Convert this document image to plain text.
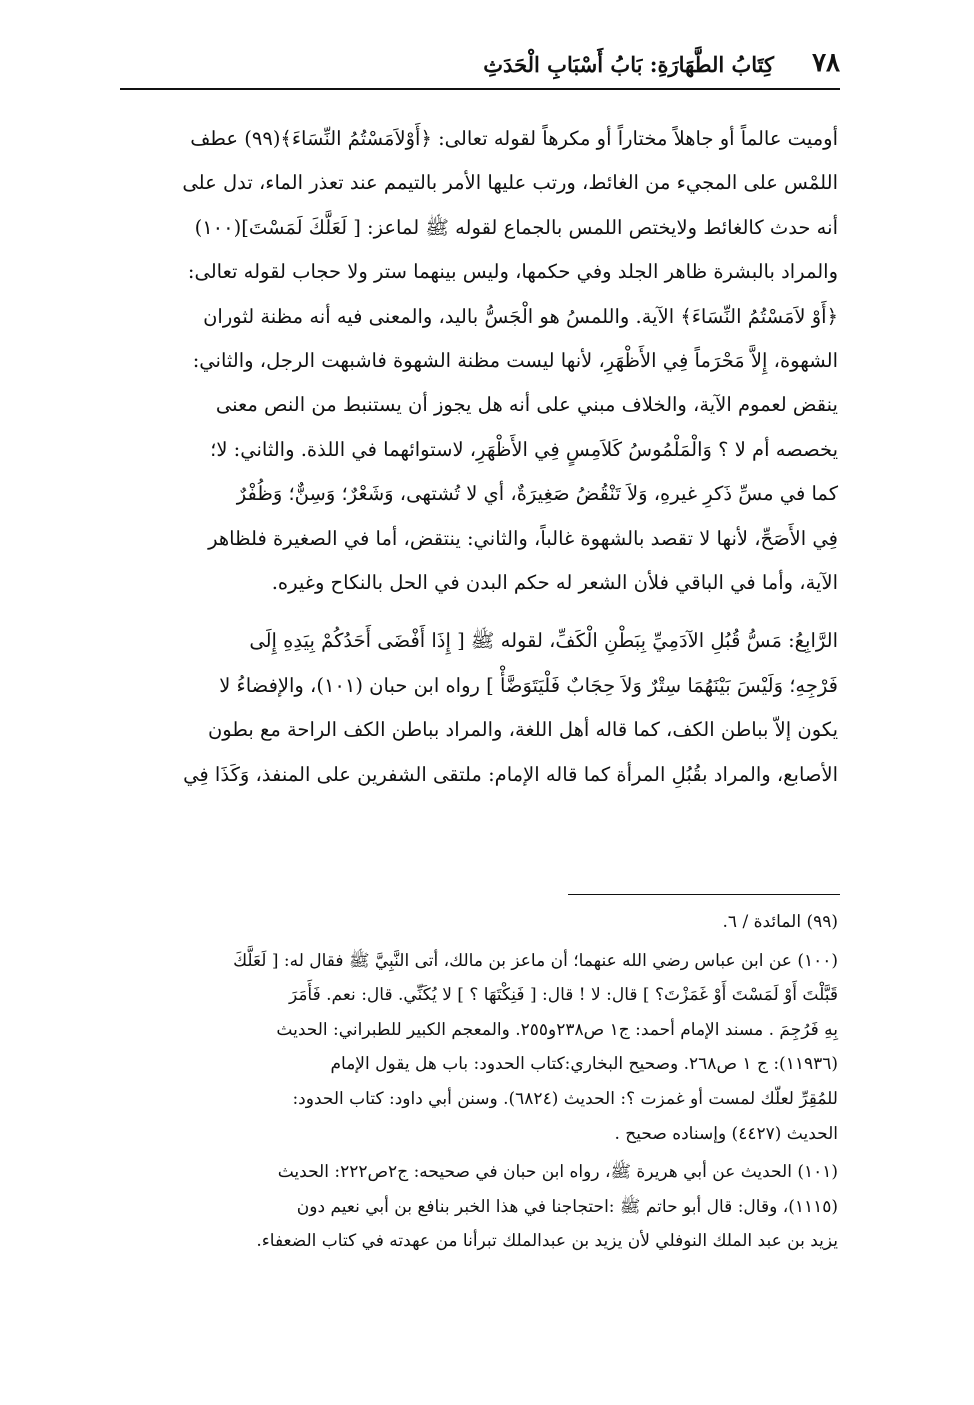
٧٨
كِتَابُ الطَّهَارَةِ: بَابُ أَسْبَابِ الْحَدَثِ

أوميت عالماً أو جاهلاً مختاراً أو مكرهاً لقوله تعالى: ﴿أَوْلاَمَسْتُمُ النِّسَاءَ﴾(٩٩) عطف

اللمْس على المجيء من الغائط، ورتب عليها الأمر بالتيمم عند تعذر الماء، تدل على

أنه حدث كالغائط ولايختص اللمس بالجماع لقوله ﷺ لماعز: [ لَعَلَّكَ لَمَسْتَ](١٠٠)

والمراد بالبشرة ظاهر الجلد وفي حكمها، وليس بينهما ستر ولا حجاب لقوله تعالى:

﴿أَوْ لاَمَسْتُمُ النِّسَاءَ﴾ الآية. واللمسُ هو الْجَسُّ باليد، والمعنى فيه أنه مظنة لثوران

الشهوة، إِلاَّ مَحْرَماً فِي الأَظْهَرِ، لأنها ليست مظنة الشهوة فاشبهت الرجل، والثاني:

ينقض لعموم الآية، والخلاف مبني على أنه هل يجوز أن يستنبط من النص معنى

يخصصه أم لا ؟ وَالْمَلْمُوسُ كَلاَمِسٍ فِي الأَظْهَرِ، لاستوائهما في اللذة. والثاني: لا؛

كما في مسِّ ذَكرِ غيرهِ، وَلاَ تَنْقُضُ صَغِيرَةٌ، أي لا تُشتهى، وَشَعْرٌ؛ وَسِنٌّ؛ وَظُفْرٌ

فِي الأَصَحِّ، لأنها لا تقصد بالشهوة غالباً، والثاني: ينتقض، أما في الصغيرة فلظاهر

الآية، وأما في الباقي فلأن الشعر له حكم البدن في الحل بالنكاح وغيره.

الرَّابِعُ: مَسُّ قُبُلِ الآدَمِيِّ بِبَطْنِ الْكَفِّ، لقوله ﷺ [ إِذَا أَفْضَى أَحَدُكُمْ بِيَدِهِ إِلَى

فَرْجِهِ؛ وَلَيْسَ بَيْنَهُمَا سِتْرٌ وَلاَ حِجَابٌ فَلْيَتَوَضَّأْ ] رواه ابن حبان (١٠١)، والإفضاءُ لا

يكون إلاّ بباطن الكف، كما قاله أهل اللغة، والمراد بباطن الكف الراحة مع بطون

الأصابع، والمراد بقُبُلِ المرأة كما قاله الإمام: ملتقى الشفرين على المنفذ، وَكَذَا فِي

(٩٩) المائدة / ٦.

(١٠٠) عن ابن عباس رضي الله عنهما؛ أن ماعز بن مالك، أتى النَّبِيَّ ﷺ فقال له: [ لَعَلَّكَ

قَبَّلْتَ أَوْ لَمَسْتَ أَوْ غَمَزْتَ؟ ] قال: لا ! قال: [ فَنِكْتَهَا ؟ ] لا يُكَنِّي. قال: نعم. فَأَمَرَ

بِهِ فَرُجِمَ . مسند الإمام أحمد: ج١ ص٢٣٨و٢٥٥. والمعجم الكبير للطبراني: الحديث

(١١٩٣٦): ج ١ ص٢٦٨. وصحيح البخاري:كتاب الحدود: باب هل يقول الإمام

للمُقِرِّ لعلّك لمست أو غمزت ؟: الحديث (٦٨٢٤). وسنن أبي داود: كتاب الحدود:

الحديث (٤٤٢٧) وإسناده صحيح .

(١٠١) الحديث عن أبي هريرة ﷺ، رواه ابن حبان في صحيحه: ج٢ص٢٢٢: الحديث

(١١١٥)، وقال: قال أبو حاتم ﷺ :احتجاجنا في هذا الخبر بنافع بن أبي نعيم دون

يزيد بن عبد الملك النوفلي لأن يزيد بن عبدالملك تبرأنا من عهدته في كتاب الضعفاء.
